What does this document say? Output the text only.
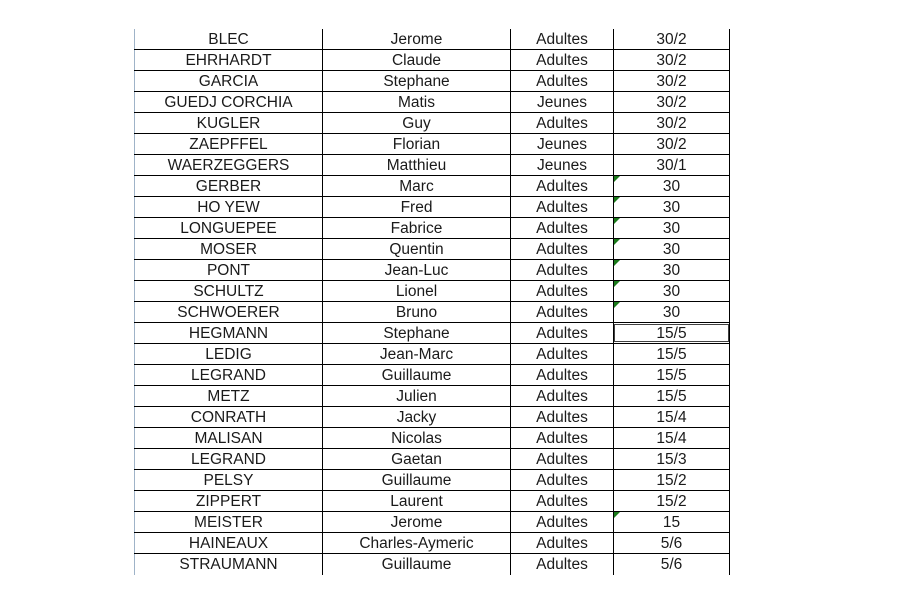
BLEC	Jerome	Adultes	30/2
EHRHARDT	Claude	Adultes	30/2
GARCIA	Stephane	Adultes	30/2
GUEDJ CORCHIA	Matis	Jeunes	30/2
KUGLER	Guy	Adultes	30/2
ZAEPFFEL	Florian	Jeunes	30/2
WAERZEGGERS	Matthieu	Jeunes	30/1
GERBER	Marc	Adultes	30
HO YEW	Fred	Adultes	30
LONGUEPEE	Fabrice	Adultes	30
MOSER	Quentin	Adultes	30
PONT	Jean-Luc	Adultes	30
SCHULTZ	Lionel	Adultes	30
SCHWOERER	Bruno	Adultes	30
HEGMANN	Stephane	Adultes	15/5
LEDIG	Jean-Marc	Adultes	15/5
LEGRAND	Guillaume	Adultes	15/5
METZ	Julien	Adultes	15/5
CONRATH	Jacky	Adultes	15/4
MALISAN	Nicolas	Adultes	15/4
LEGRAND	Gaetan	Adultes	15/3
PELSY	Guillaume	Adultes	15/2
ZIPPERT	Laurent	Adultes	15/2
MEISTER	Jerome	Adultes	15
HAINEAUX	Charles-Aymeric	Adultes	5/6
STRAUMANN	Guillaume	Adultes	5/6
